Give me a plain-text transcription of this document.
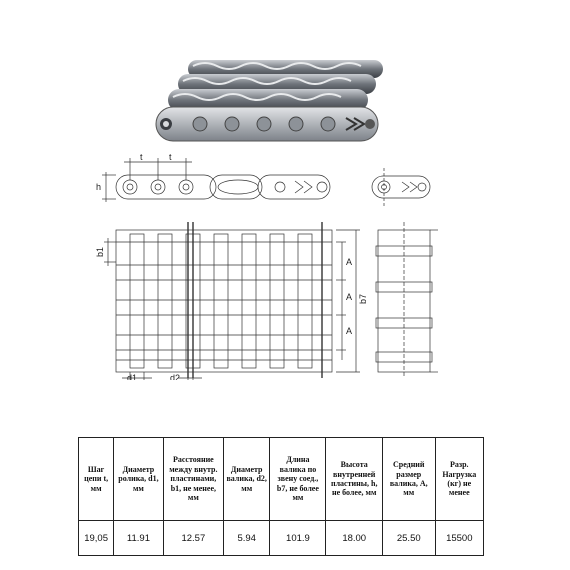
t	t
h
b1
d1	d2
A
A
A
b7
Шаг цепи t, мм	Диаметр ролика, d1, мм	Расстояние между внутр. пластинами, b1, не менее, мм	Диаметр валика, d2, мм	Длина валика по звену соед., b7, не более мм	Высота внутренней пластины, h, не более, мм	Средний размер валика, A, мм	Разр. Нагрузка (кг) не менее
19,05	11.91	12.57	5.94	101.9	18.00	25.50	15500
